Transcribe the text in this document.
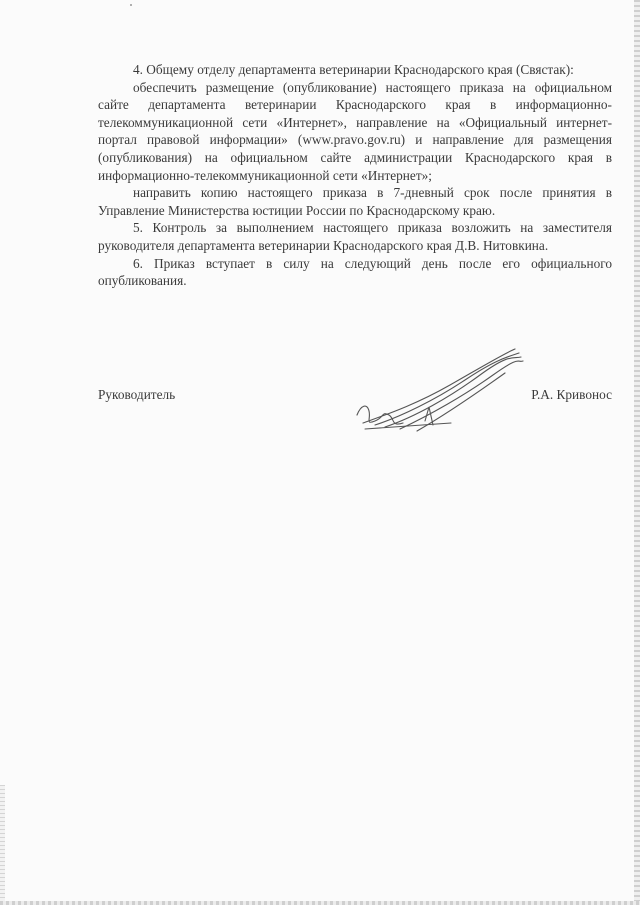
4. Общему отделу департамента ветеринарии Краснодарского края (Свястак):

обеспечить размещение (опубликование) настоящего приказа на официальном сайте департамента ветеринарии Краснодарского края в информационно-телекоммуникационной сети «Интернет», направление на «Официальный интернет-портал правовой информации» (www.pravo.gov.ru) и направление для размещения (опубликования) на официальном сайте администрации Краснодарского края в информационно-телекоммуникационной сети «Интернет»;

направить копию настоящего приказа в 7-дневный срок после принятия в Управление Министерства юстиции России по Краснодарскому краю.

5. Контроль за выполнением настоящего приказа возложить на заместителя руководителя департамента ветеринарии Краснодарского края Д.В. Нитовкина.

6. Приказ вступает в силу на следующий день после его официального опубликования.

Руководитель	Р.А. Кривонос
